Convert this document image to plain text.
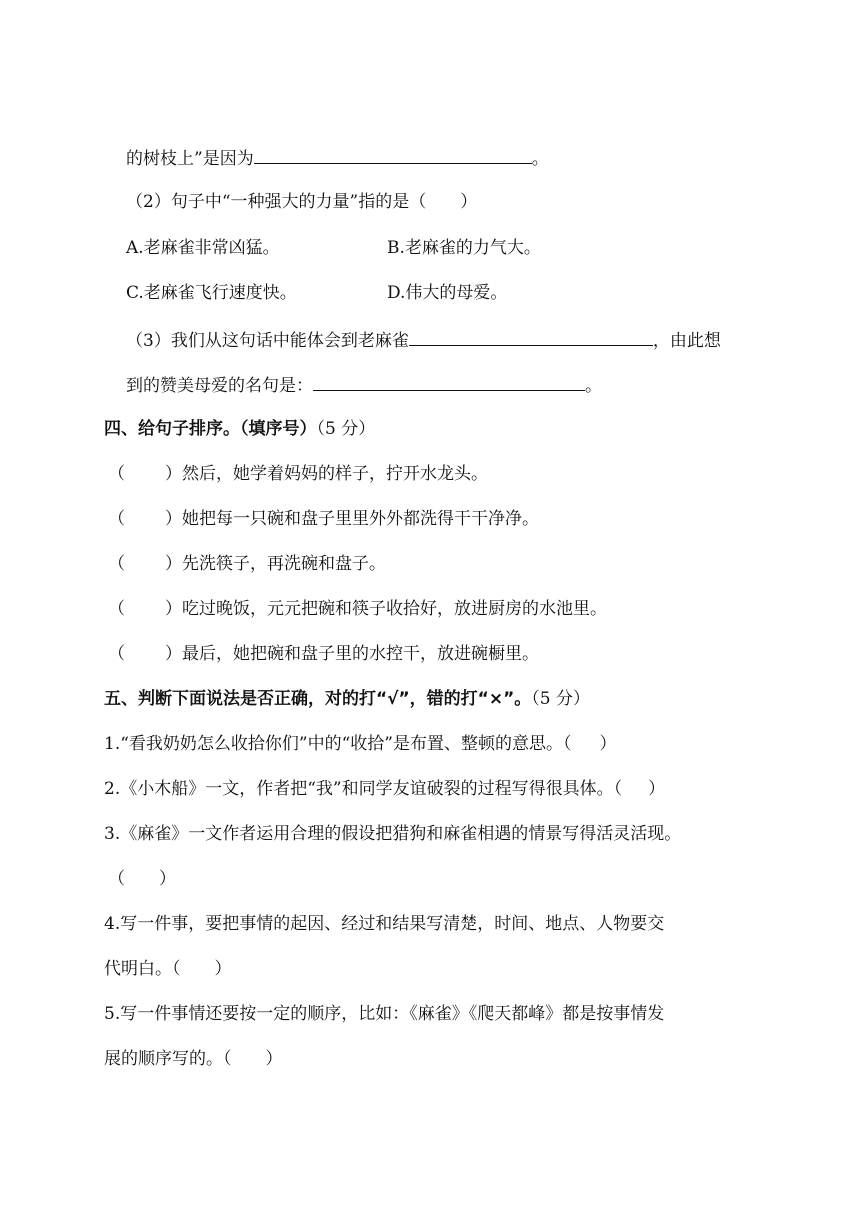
的树枝上”是因为	。
（2）句子中“一种强大的力量”指的是（ ）
A.老麻雀非常凶猛。	B.老麻雀的力气大。
C.老麻雀飞行速度快。	D.伟大的母爱。
（3）我们从这句话中能体会到老麻雀	，由此想
到的赞美母爱的名句是：	。
四、给句子排序。（填序号）（5 分）
（ ）然后，她学着妈妈的样子，拧开水龙头。
（ ）她把每一只碗和盘子里里外外都洗得干干净净。
（ ）先洗筷子，再洗碗和盘子。
（ ）吃过晚饭，元元把碗和筷子收拾好，放进厨房的水池里。
（ ）最后，她把碗和盘子里的水控干，放进碗橱里。
五、判断下面说法是否正确，对的打“√”，错的打“×”。（5 分）
1.“看我奶奶怎么收拾你们”中的“收拾”是布置、整顿的意思。（ ）
2.《小木船》一文，作者把“我”和同学友谊破裂的过程写得很具体。（ ）
3.《麻雀》一文作者运用合理的假设把猎狗和麻雀相遇的情景写得活灵活现。
（ ）
4.写一件事，要把事情的起因、经过和结果写清楚，时间、地点、人物要交
代明白。（ ）
5.写一件事情还要按一定的顺序，比如：《麻雀》《爬天都峰》都是按事情发
展的顺序写的。（ ）
